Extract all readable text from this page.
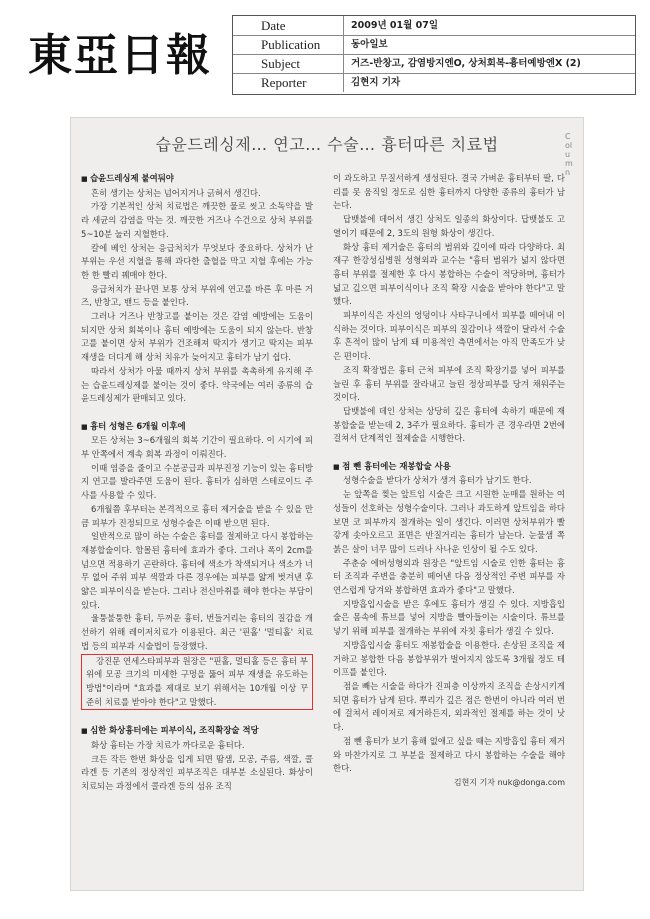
東亞日報
Date	2009년 01월 07일
Publication	동아일보
Subject	거즈-반창고, 감염방지엔O, 상처회복-흉터예방엔X (2)
Reporter	김현지 기자
습윤드레싱제… 연고… 수술… 흉터따른 치료법	Column

■ 습윤드레싱제 붙여둬야

흔히 생기는 상처는 넘어지거나 긁혀서 생긴다.

가장 기본적인 상처 치료법은 깨끗한 물로 씻고 소독약을 발라 세균의 감염을 막는 것. 깨끗한 거즈나 수건으로 상처 부위를 5~10분 눌러 지혈한다.

칼에 베인 상처는 응급처치가 무엇보다 중요하다. 상처가 난 부위는 우선 지혈을 통해 과다한 출혈을 막고 지혈 후에는 가능한 한 빨리 꿰매야 한다.

응급처치가 끝나면 보통 상처 부위에 연고를 바른 후 마른 거즈, 반창고, 밴드 등을 붙인다.

그러나 거즈나 반창고를 붙이는 것은 감염 예방에는 도움이 되지만 상처 회복이나 흉터 예방에는 도움이 되지 않는다. 반창고를 붙이면 상처 부위가 건조해져 딱지가 생기고 딱지는 피부 재생을 더디게 해 상처 치유가 늦어지고 흉터가 남기 쉽다.

따라서 상처가 아물 때까지 상처 부위를 촉촉하게 유지해 주는 습윤드레싱제를 붙이는 것이 좋다. 약국에는 여러 종류의 습윤드레싱제가 판매되고 있다.

■ 흉터 성형은 6개월 이후에

모든 상처는 3~6개월의 회복 기간이 필요하다. 이 시기에 피부 안쪽에서 계속 회복 과정이 이뤄진다.

이때 염증을 줄이고 수분공급과 피부진정 기능이 있는 흉터방지 연고를 발라주면 도움이 된다. 흉터가 심하면 스테로이드 주사를 사용할 수 있다.

6개월쯤 후부터는 본격적으로 흉터 제거술을 받을 수 있을 만큼 피부가 진정되므로 성형수술은 이때 받으면 된다.

일반적으로 많이 하는 수술은 흉터를 절제하고 다시 봉합하는 재봉합술이다. 함몰된 흉터에 효과가 좋다. 그러나 폭이 2cm를 넘으면 적용하기 곤란하다. 흉터에 색소가 착색되거나 색소가 너무 없어 주위 피부 색깔과 다른 경우에는 피부를 얇게 벗겨낸 후 얇은 피부이식을 받는다. 그러나 전신마취를 해야 한다는 부담이 있다.

울퉁불퉁한 흉터, 두꺼운 흉터, 번들거리는 흉터의 질감을 개선하기 위해 레이저치료가 이용된다. 최근 '핀홀' '멀티홀' 치료법 등의 피부과 시술법이 등장했다.

강진문 연세스타피부과 원장은 "핀홀, 멀티홀 등은 흉터 부위에 모공 크기의 미세한 구멍을 뚫어 피부 재생을 유도하는 방법"이라며 "효과를 제대로 보기 위해서는 10개월 이상 꾸준히 치료를 받아야 한다"고 말했다.

■ 심한 화상흉터에는 피부이식, 조직확장술 적당

화상 흉터는 가장 치료가 까다로운 흉터다.

크든 작든 한번 화상을 입게 되면 땀샘, 모공, 주름, 색깔, 콜라겐 등 기존의 정상적인 피부조직은 대부분 소실된다. 화상이 치료되는 과정에서 콜라겐 등의 섬유 조직

이 과도하고 무질서하게 생성된다. 결국 가벼운 흉터부터 팔, 다리를 못 움직일 정도로 심한 흉터까지 다양한 종류의 흉터가 남는다.

답뱃불에 데어서 생긴 상처도 일종의 화상이다. 답뱃불도 고열이기 때문에 2, 3도의 원형 화상이 생긴다.

화상 흉터 제거술은 흉터의 범위와 깊이에 따라 다양하다. 최재구 한강성심병원 성형외과 교수는 "흉터 범위가 넓지 않다면 흉터 부위를 절제한 후 다시 봉합하는 수술이 적당하며, 흉터가 넓고 깊으면 피부이식이나 조직 확장 시술을 받아야 한다"고 말했다.

피부이식은 자신의 엉덩이나 사타구니에서 피부를 떼어내 이식하는 것이다. 피부이식은 피부의 질감이나 색깔이 달라서 수술 후 흔적이 많이 남게 돼 미용적인 측면에서는 아직 만족도가 낮은 편이다.

조직 확장법은 흉터 근처 피부에 조직 확장기를 넣어 피부를 늘린 후 흉터 부위를 잘라내고 늘린 정상피부를 당겨 채워주는 것이다.

답뱃불에 데인 상처는 상당히 깊은 흉터에 속하기 때문에 재봉합술을 받는데 2, 3주가 필요하다. 흉터가 큰 경우라면 2번에 걸쳐서 단계적인 절제술을 시행한다.

■ 점 뺀 흉터에는 재봉합술 사용

성형수술을 받다가 상처가 생겨 흉터가 남기도 한다.

눈 앞쪽을 찢는 앞트임 시술은 크고 시원한 눈매를 원하는 여성들이 선호하는 성형수술이다. 그러나 과도하게 앞트임을 하다 보면 코 피부까지 절개하는 일이 생긴다. 이러면 상처부위가 빨갛게 솟아오르고 표면은 반질거리는 흉터가 남는다. 눈물샘 쪽 붉은 살이 너무 많이 드러나 사나운 인상이 될 수도 있다.

주춘승 에버성형외과 원장은 "앞트임 시술로 인한 흉터는 흉터 조직과 주변을 충분히 떼어낸 다음 정상적인 주변 피부를 자연스럽게 당겨와 봉합하면 효과가 좋다"고 말했다.

지방흡입시술을 받은 후에도 흉터가 생길 수 있다. 지방흡입술은 몸속에 튜브를 넣어 지방을 빨아들이는 시술이다. 튜브를 넣기 위해 피부를 절개하는 부위에 자칫 흉터가 생길 수 있다.

지방흡입시술 흉터도 재봉합술을 이용한다. 손상된 조직을 제거하고 봉합한 다음 봉합부위가 벌어지지 않도록 3개월 정도 테이프를 붙인다.

점을 빼는 시술을 하다가 진피층 이상까지 조직을 손상시키게 되면 흉터가 남게 된다. 뿌리가 깊은 점은 한번이 아니라 여러 번에 걸쳐서 레이저로 제거하든지, 외과적인 절제를 하는 것이 낫다.

점 뺀 흉터가 보기 흉해 없애고 싶을 때는 지방흡입 흉터 제거와 마찬가지로 그 부분을 절제하고 다시 봉합하는 수술을 해야 한다.

김현지 기자 nuk@donga.com
